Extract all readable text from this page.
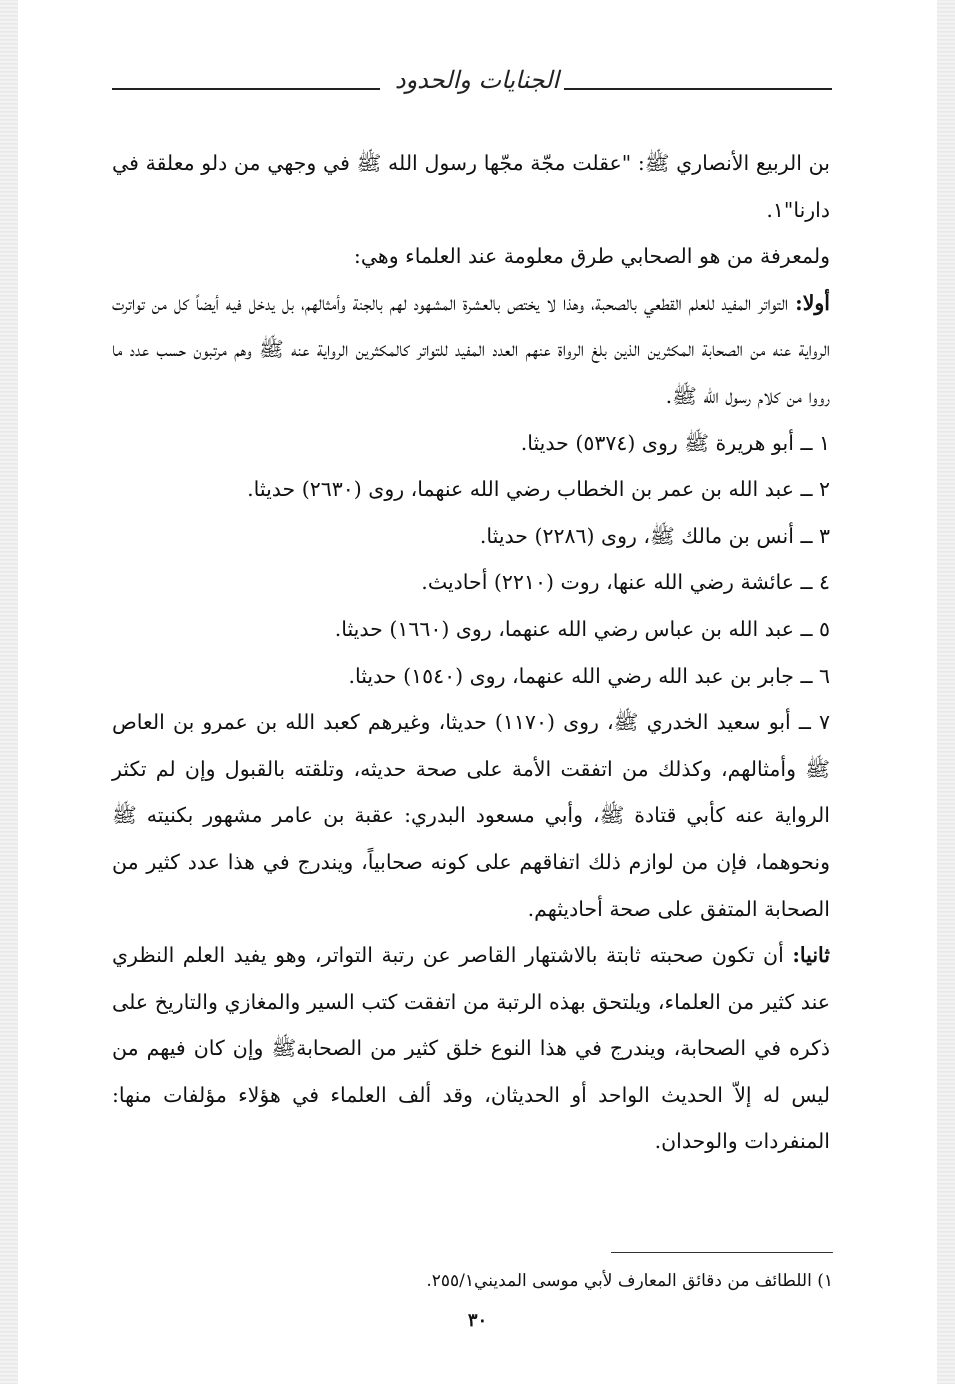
الجنايات والحدود

بن الربيع الأنصاري ﷺ: "عقلت مجّة مجّها رسول الله ﷺ في وجهي من دلو معلقة في دارنا"١.

ولمعرفة من هو الصحابي طرق معلومة عند العلماء وهي:

أولا: التواتر المفيد للعلم القطعي بالصحبة، وهذا لا يختص بالعشرة المشهود لهم بالجنة وأمثالهم، بل يدخل فيه أيضاً كل من تواترت الرواية عنه من الصحابة المكثرين الذين بلغ الرواة عنهم العدد المفيد للتواتر كالمكثرين الرواية عنه ﷺ وهم مرتبون حسب عدد ما رووا من كلام رسول الله ﷺ.

١ ــ أبو هريرة ﷺ روى (٥٣٧٤) حديثا.

٢ ــ عبد الله بن عمر بن الخطاب رضي الله عنهما، روى (٢٦٣٠) حديثا.

٣ ــ أنس بن مالك ﷺ، روى (٢٢٨٦) حديثا.

٤ ــ عائشة رضي الله عنها، روت (٢٢١٠) أحاديث.

٥ ــ عبد الله بن عباس رضي الله عنهما، روى (١٦٦٠) حديثا.

٦ ــ جابر بن عبد الله رضي الله عنهما، روى (١٥٤٠) حديثا.

٧ ــ أبو سعيد الخدري ﷺ، روى (١١٧٠) حديثا، وغيرهم كعبد الله بن عمرو بن العاص ﷺ وأمثالهم، وكذلك من اتفقت الأمة على صحة حديثه، وتلقته بالقبول وإن لم تكثر الرواية عنه كأبي قتادة ﷺ، وأبي مسعود البدري: عقبة بن عامر مشهور بكنيته ﷺ ونحوهما، فإن من لوازم ذلك اتفاقهم على كونه صحابياً، ويندرج في هذا عدد كثير من الصحابة المتفق على صحة أحاديثهم.

ثانيا: أن تكون صحبته ثابتة بالاشتهار القاصر عن رتبة التواتر، وهو يفيد العلم النظري عند كثير من العلماء، ويلتحق بهذه الرتبة من اتفقت كتب السير والمغازي والتاريخ على ذكره في الصحابة، ويندرج في هذا النوع خلق كثير من الصحابةﷺ وإن كان فيهم من ليس له إلاّ الحديث الواحد أو الحديثان، وقد ألف العلماء في هؤلاء مؤلفات منها: المنفردات والوحدان.

١) اللطائف من دقائق المعارف لأبي موسى المديني٢٥٥/١.
٣٠
